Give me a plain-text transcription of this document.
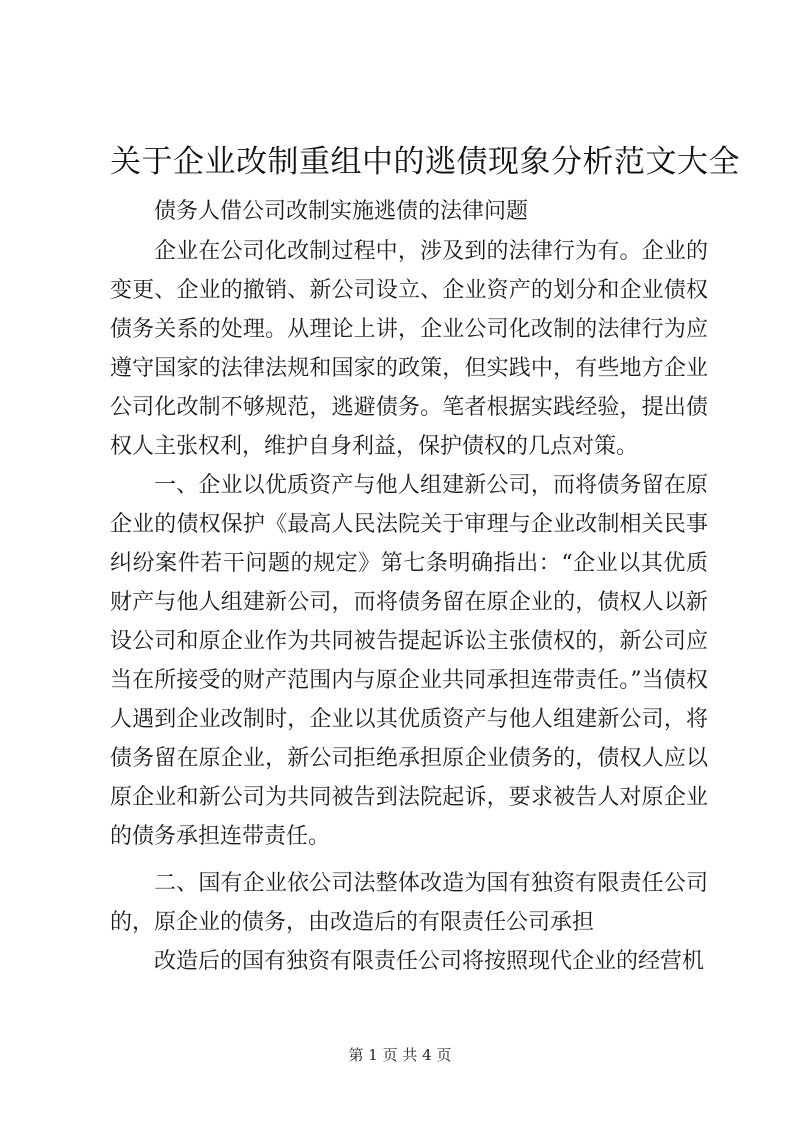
关于企业改制重组中的逃债现象分析范文大全

债务人借公司改制实施逃债的法律问题

企业在公司化改制过程中，涉及到的法律行为有。企业的变更、企业的撤销、新公司设立、企业资产的划分和企业债权债务关系的处理。从理论上讲，企业公司化改制的法律行为应遵守国家的法律法规和国家的政策，但实践中，有些地方企业公司化改制不够规范，逃避债务。笔者根据实践经验，提出债权人主张权利，维护自身利益，保护债权的几点对策。

一、企业以优质资产与他人组建新公司，而将债务留在原企业的债权保护《最高人民法院关于审理与企业改制相关民事纠纷案件若干问题的规定》第七条明确指出：“企业以其优质财产与他人组建新公司，而将债务留在原企业的，债权人以新设公司和原企业作为共同被告提起诉讼主张债权的，新公司应当在所接受的财产范围内与原企业共同承担连带责任。”当债权人遇到企业改制时，企业以其优质资产与他人组建新公司，将债务留在原企业，新公司拒绝承担原企业债务的，债权人应以原企业和新公司为共同被告到法院起诉，要求被告人对原企业的债务承担连带责任。

二、国有企业依公司法整体改造为国有独资有限责任公司的，原企业的债务，由改造后的有限责任公司承担

改造后的国有独资有限责任公司将按照现代企业的经营机

第 1 页 共 4 页
